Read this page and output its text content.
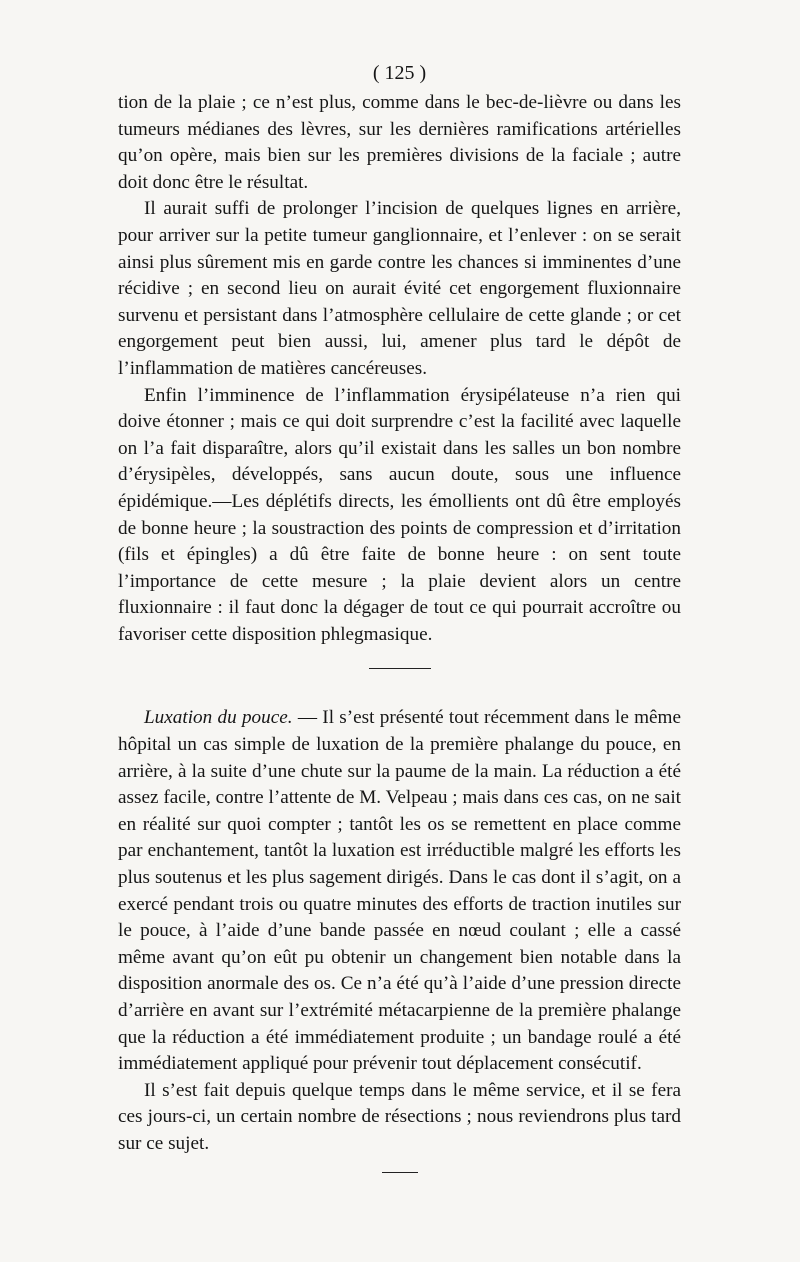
( 125 )

tion de la plaie ; ce n’est plus, comme dans le bec-de-lièvre ou dans les tumeurs médianes des lèvres, sur les dernières ramifications artérielles qu’on opère, mais bien sur les premières divisions de la faciale ; autre doit donc être le résultat.

Il aurait suffi de prolonger l’incision de quelques lignes en arrière, pour arriver sur la petite tumeur ganglionnaire, et l’enlever : on se serait ainsi plus sûrement mis en garde contre les chances si imminentes d’une récidive ; en second lieu on aurait évité cet engorgement fluxionnaire survenu et persistant dans l’atmosphère cellulaire de cette glande ; or cet engorgement peut bien aussi, lui, amener plus tard le dépôt de l’inflammation de matières cancéreuses.

Enfin l’imminence de l’inflammation érysipélateuse n’a rien qui doive étonner ; mais ce qui doit surprendre c’est la facilité avec laquelle on l’a fait disparaître, alors qu’il existait dans les salles un bon nombre d’érysipèles, développés, sans aucun doute, sous une influence épidémique.—Les déplétifs directs, les émollients ont dû être employés de bonne heure ; la soustraction des points de compression et d’irritation (fils et épingles) a dû être faite de bonne heure : on sent toute l’importance de cette mesure ; la plaie devient alors un centre fluxionnaire : il faut donc la dégager de tout ce qui pourrait accroître ou favoriser cette disposition phlegmasique.

Luxation du pouce. — Il s’est présenté tout récemment dans le même hôpital un cas simple de luxation de la première phalange du pouce, en arrière, à la suite d’une chute sur la paume de la main. La réduction a été assez facile, contre l’attente de M. Velpeau ; mais dans ces cas, on ne sait en réalité sur quoi compter ; tantôt les os se remettent en place comme par enchantement, tantôt la luxation est irréductible malgré les efforts les plus soutenus et les plus sagement dirigés. Dans le cas dont il s’agit, on a exercé pendant trois ou quatre minutes des efforts de traction inutiles sur le pouce, à l’aide d’une bande passée en nœud coulant ; elle a cassé même avant qu’on eût pu obtenir un changement bien notable dans la disposition anormale des os. Ce n’a été qu’à l’aide d’une pression directe d’arrière en avant sur l’extrémité métacarpienne de la première phalange que la réduction a été immédiatement produite ; un bandage roulé a été immédiatement appliqué pour prévenir tout déplacement consécutif.

Il s’est fait depuis quelque temps dans le même service, et il se fera ces jours-ci, un certain nombre de résections ; nous reviendrons plus tard sur ce sujet.
